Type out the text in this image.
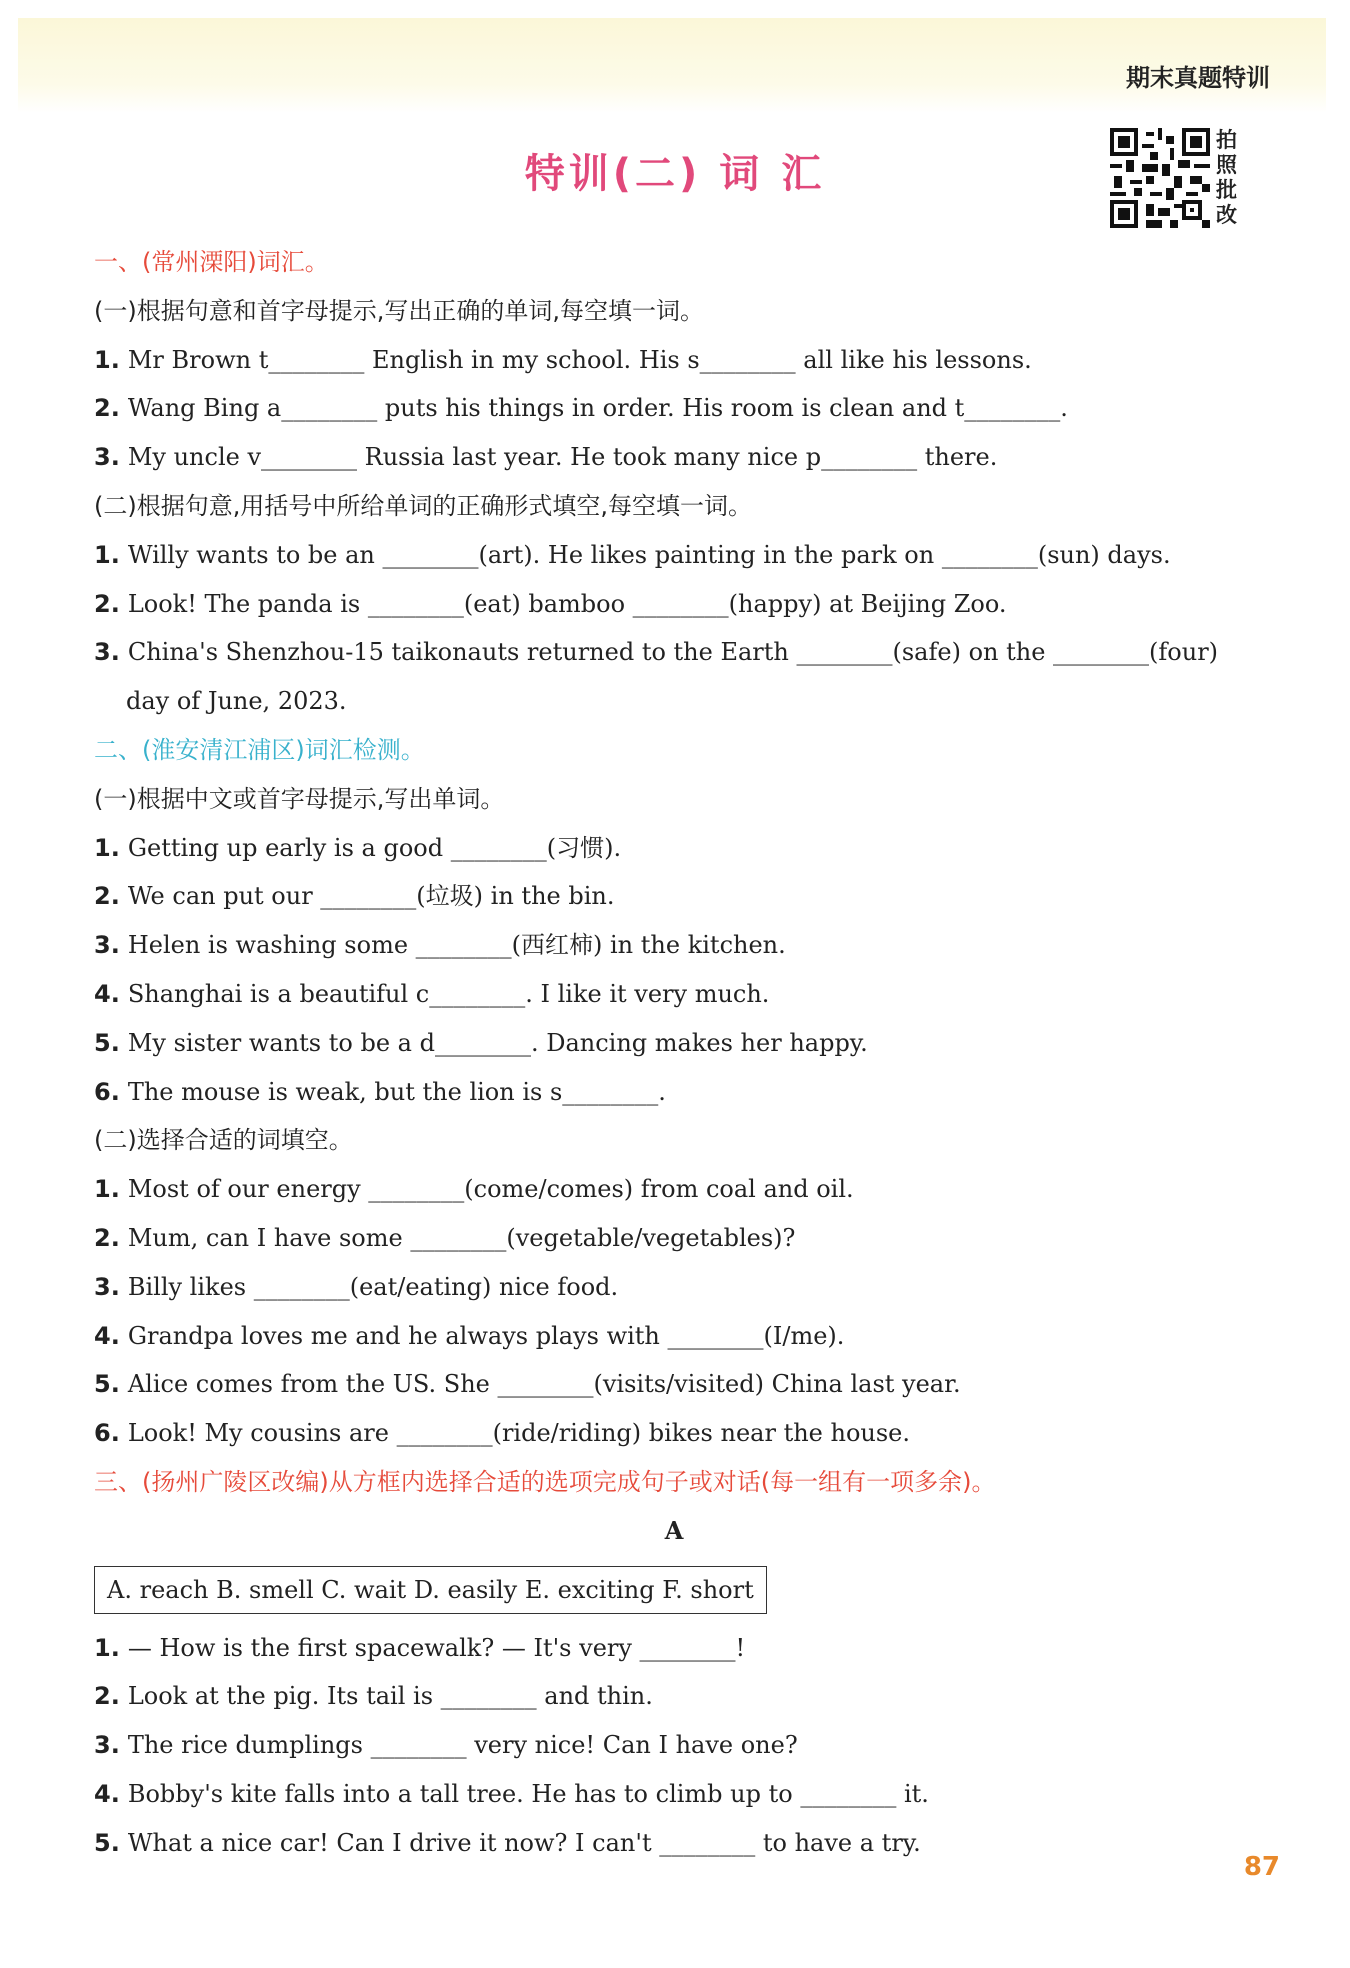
期末真题特训
特训(二) 词 汇
拍
照
批
改
一、(常州溧阳)词汇。
(一)根据句意和首字母提示,写出正确的单词,每空填一词。
1. Mr Brown t________ English in my school. His s________ all like his lessons.
2. Wang Bing a________ puts his things in order. His room is clean and t________.
3. My uncle v________ Russia last year. He took many nice p________ there.
(二)根据句意,用括号中所给单词的正确形式填空,每空填一词。
1. Willy wants to be an ________(art). He likes painting in the park on ________(sun) days.
2. Look! The panda is ________(eat) bamboo ________(happy) at Beijing Zoo.
3. China's Shenzhou-15 taikonauts returned to the Earth ________(safe) on the ________(four)
day of June, 2023.
二、(淮安清江浦区)词汇检测。
(一)根据中文或首字母提示,写出单词。
1. Getting up early is a good ________(习惯).
2. We can put our ________(垃圾) in the bin.
3. Helen is washing some ________(西红柿) in the kitchen.
4. Shanghai is a beautiful c________. I like it very much.
5. My sister wants to be a d________. Dancing makes her happy.
6. The mouse is weak, but the lion is s________.
(二)选择合适的词填空。
1. Most of our energy ________(come/comes) from coal and oil.
2. Mum, can I have some ________(vegetable/vegetables)?
3. Billy likes ________(eat/eating) nice food.
4. Grandpa loves me and he always plays with ________(I/me).
5. Alice comes from the US. She ________(visits/visited) China last year.
6. Look! My cousins are ________(ride/riding) bikes near the house.
三、(扬州广陵区改编)从方框内选择合适的选项完成句子或对话(每一组有一项多余)。
A
A. reach B. smell C. wait D. easily E. exciting F. short
1. — How is the first spacewalk? — It's very ________!
2. Look at the pig. Its tail is ________ and thin.
3. The rice dumplings ________ very nice! Can I have one?
4. Bobby's kite falls into a tall tree. He has to climb up to ________ it.
5. What a nice car! Can I drive it now? I can't ________ to have a try.
87
